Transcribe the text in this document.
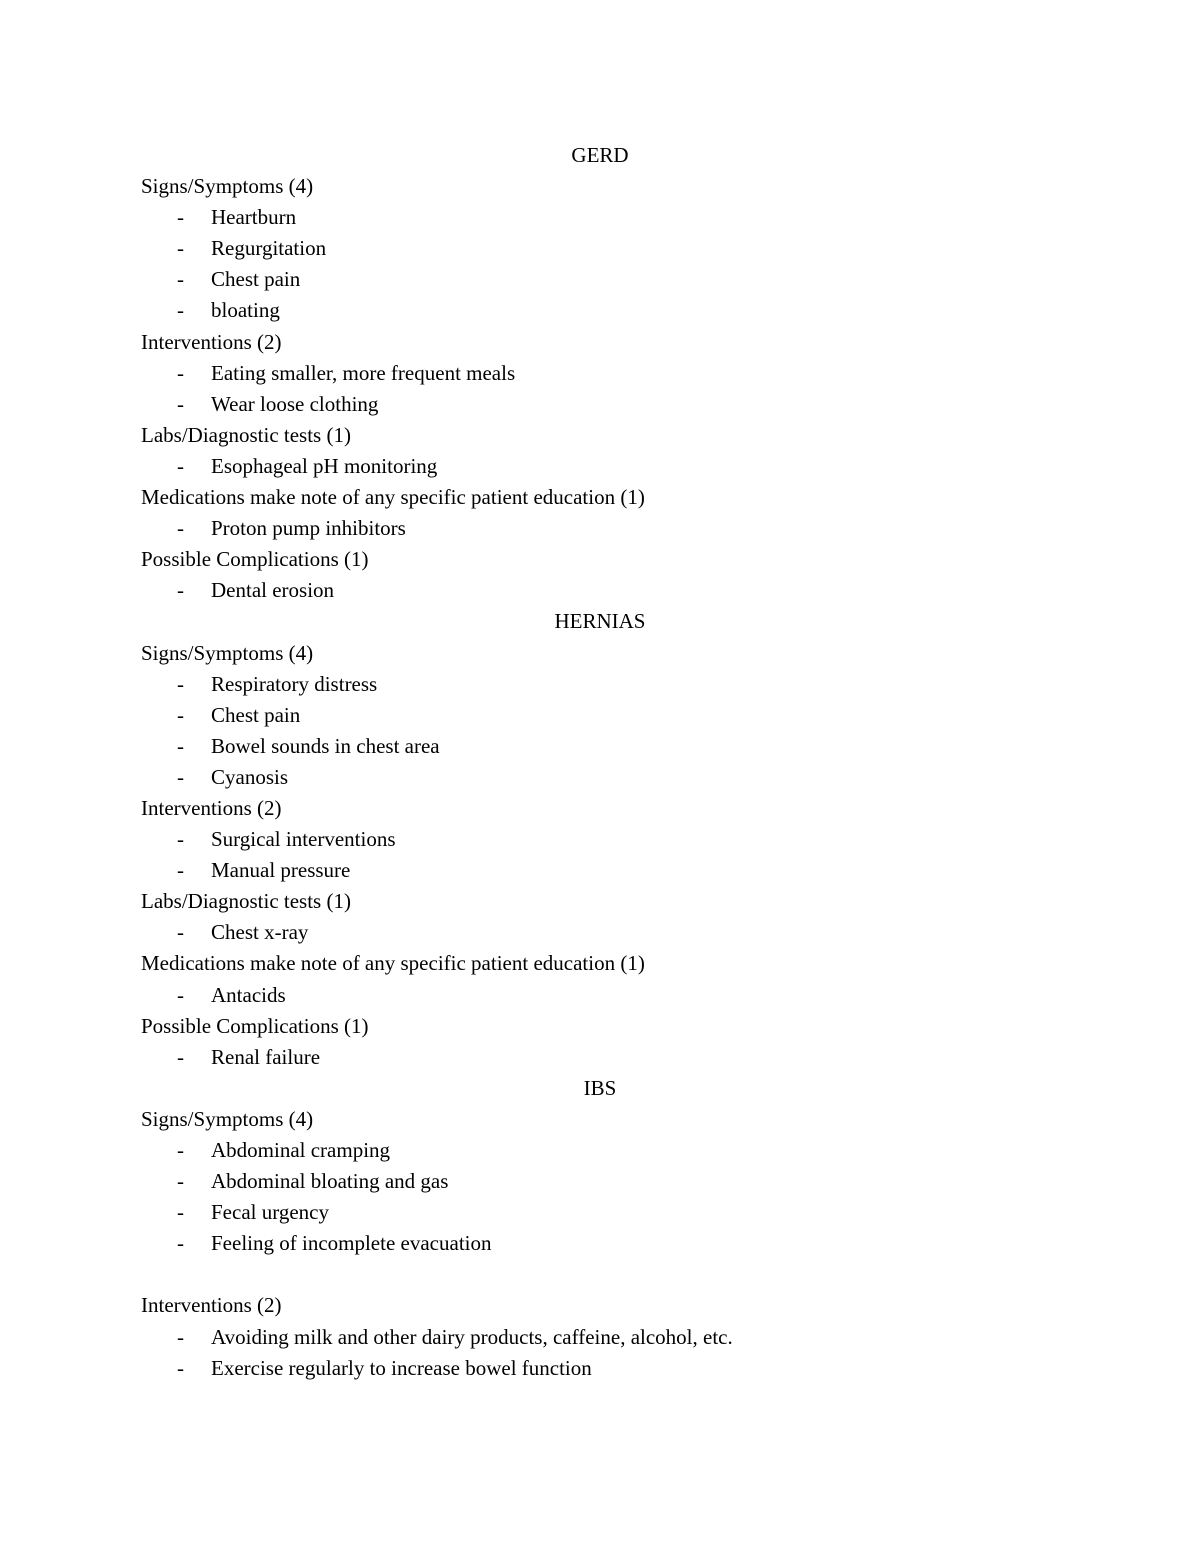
GERD
Signs/Symptoms (4)
- Heartburn
- Regurgitation
- Chest pain
- bloating
Interventions (2)
- Eating smaller, more frequent meals
- Wear loose clothing
Labs/Diagnostic tests (1)
- Esophageal pH monitoring
Medications make note of any specific patient education (1)
- Proton pump inhibitors
Possible Complications (1)
- Dental erosion
HERNIAS
Signs/Symptoms (4)
- Respiratory distress
- Chest pain
- Bowel sounds in chest area
- Cyanosis
Interventions (2)
- Surgical interventions
- Manual pressure
Labs/Diagnostic tests (1)
- Chest x-ray
Medications make note of any specific patient education (1)
- Antacids
Possible Complications (1)
- Renal failure
IBS
Signs/Symptoms (4)
- Abdominal cramping
- Abdominal bloating and gas
- Fecal urgency
- Feeling of incomplete evacuation
Interventions (2)
- Avoiding milk and other dairy products, caffeine, alcohol, etc.
- Exercise regularly to increase bowel function
